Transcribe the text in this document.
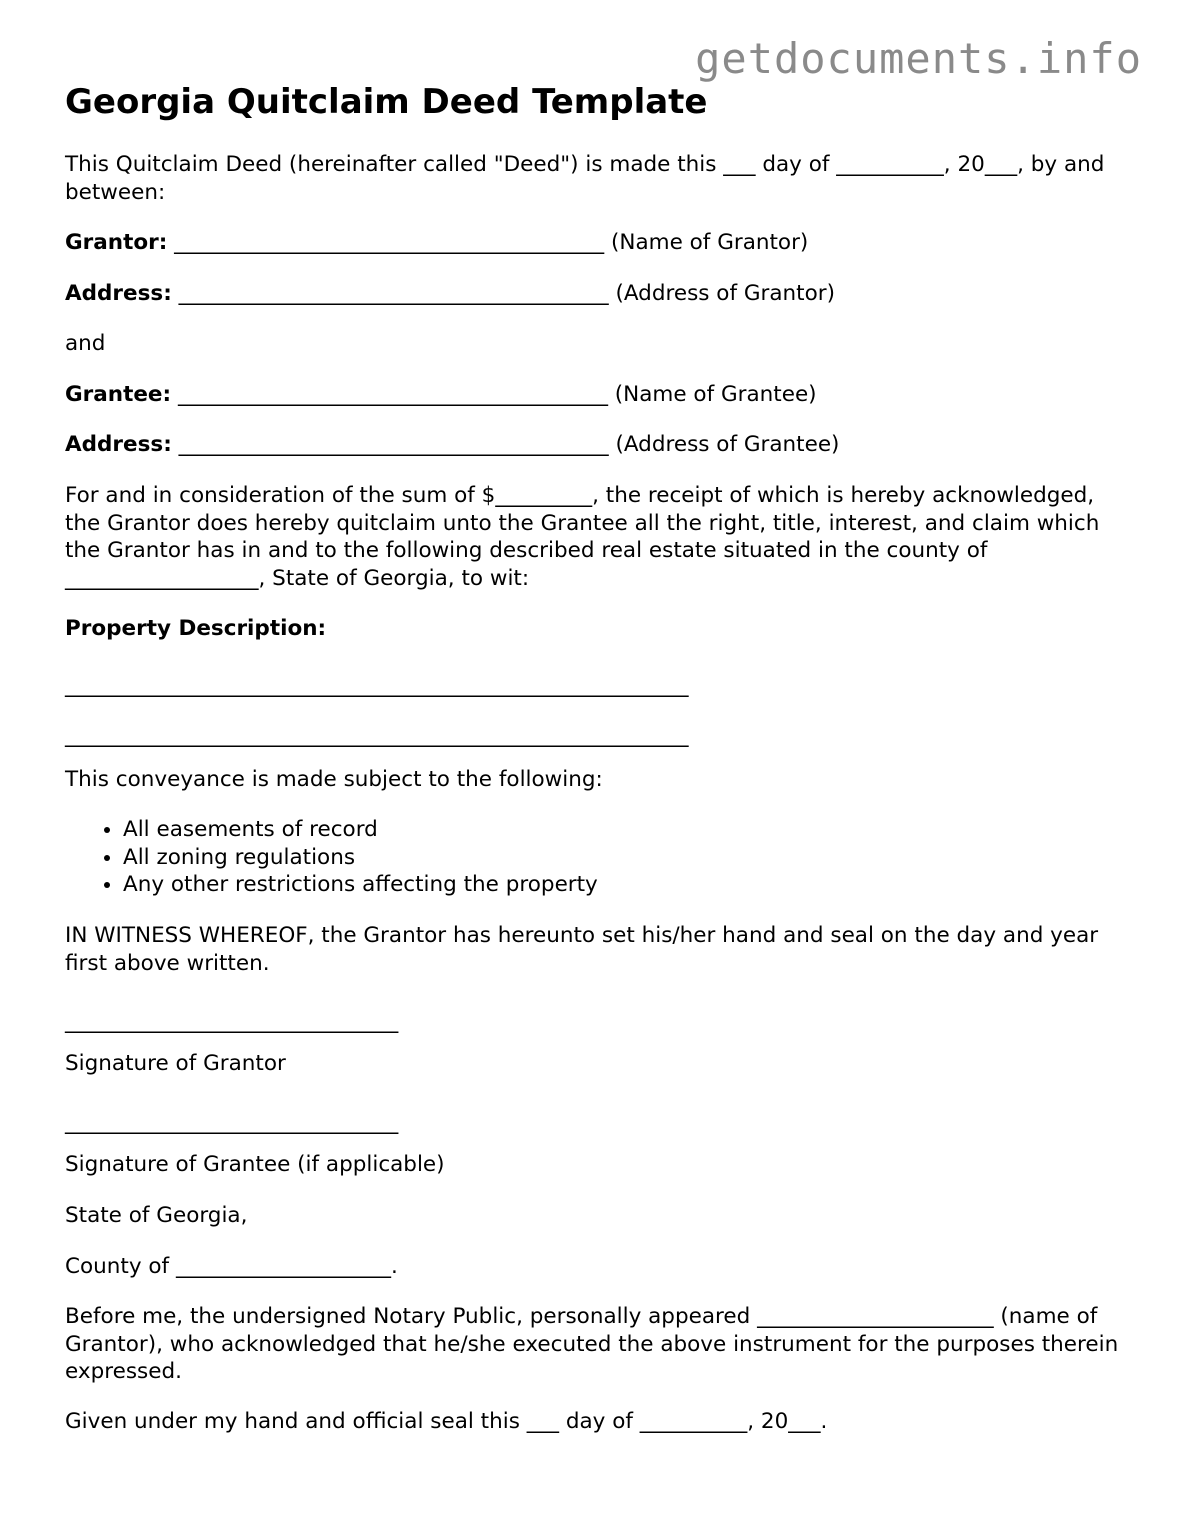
getdocuments.info
Georgia Quitclaim Deed Template

This Quitclaim Deed (hereinafter called "Deed") is made this ___ day of __________, 20___, by and between:

Grantor: ________________________________________ (Name of Grantor)

Address: ________________________________________ (Address of Grantor)

and

Grantee: ________________________________________ (Name of Grantee)

Address: ________________________________________ (Address of Grantee)

For and in consideration of the sum of $_________, the receipt of which is hereby acknowledged, the Grantor does hereby quitclaim unto the Grantee all the right, title, interest, and claim which the Grantor has in and to the following described real estate situated in the county of __________________, State of Georgia, to wit:

Property Description:

__________________________________________________________

__________________________________________________________

This conveyance is made subject to the following:

• All easements of record
• All zoning regulations
• Any other restrictions affecting the property

IN WITNESS WHEREOF, the Grantor has hereunto set his/her hand and seal on the day and year first above written.

_______________________________

Signature of Grantor

_______________________________

Signature of Grantee (if applicable)

State of Georgia,

County of ____________________.

Before me, the undersigned Notary Public, personally appeared ______________________ (name of Grantor), who acknowledged that he/she executed the above instrument for the purposes therein expressed.

Given under my hand and official seal this ___ day of __________, 20___.
